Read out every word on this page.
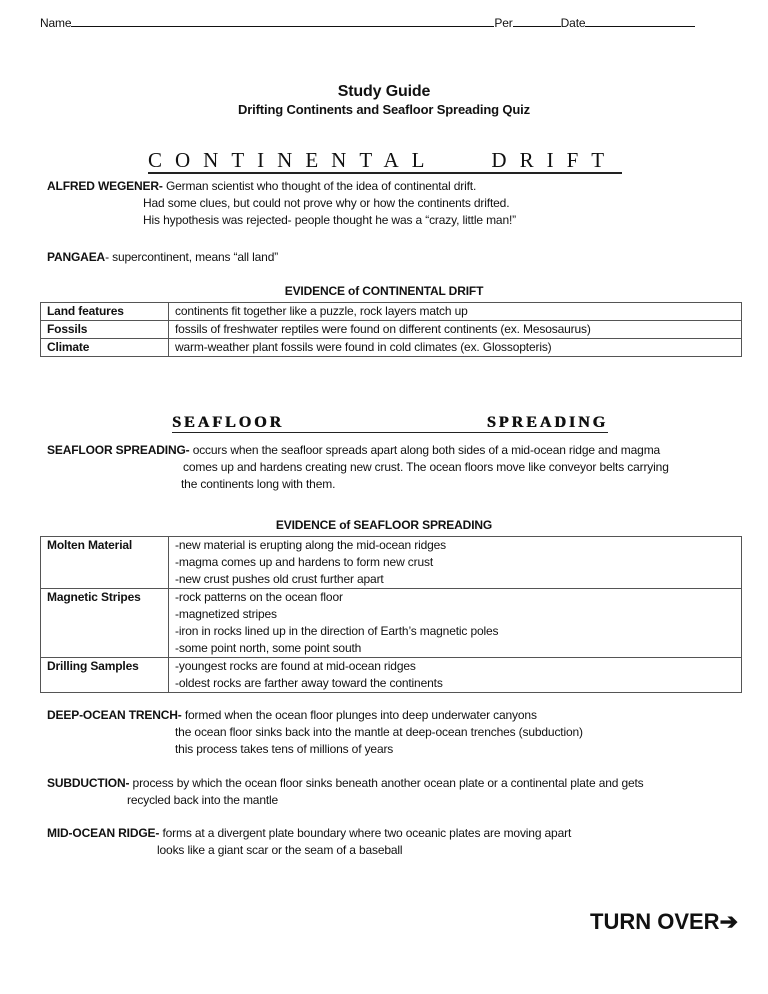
Name	Per	Date
Study Guide
Drifting Continents and Seafloor Spreading Quiz
CONTINENTAL   DRIFT
ALFRED WEGENER- German scientist who thought of the idea of continental drift.
Had some clues, but could not prove why or how the continents drifted.
His hypothesis was rejected- people thought he was a “crazy, little man!”
PANGAEA- supercontinent, means “all land”
EVIDENCE of CONTINENTAL DRIFT
Land features	continents fit together like a puzzle, rock layers match up
Fossils	fossils of freshwater reptiles were found on different continents (ex. Mesosaurus)
Climate	warm-weather plant fossils were found in cold climates (ex. Glossopteris)
SEAFLOOR	SPREADING
SEAFLOOR SPREADING- occurs when the seafloor spreads apart along both sides of a mid-ocean ridge and magma
comes up and hardens creating new crust. The ocean floors move like conveyor belts carrying
the continents long with them.
EVIDENCE of SEAFLOOR SPREADING
Molten Material	-new material is erupting along the mid-ocean ridges
-magma comes up and hardens to form new crust
-new crust pushes old crust further apart

Magnetic Stripes	-rock patterns on the ocean floor
-magnetized stripes
-iron in rocks lined up in the direction of Earth’s magnetic poles
-some point north, some point south

Drilling Samples	-youngest rocks are found at mid-ocean ridges
-oldest rocks are farther away toward the continents
DEEP-OCEAN TRENCH- formed when the ocean floor plunges into deep underwater canyons
the ocean floor sinks back into the mantle at deep-ocean trenches (subduction)
this process takes tens of millions of years
SUBDUCTION- process by which the ocean floor sinks beneath another ocean plate or a continental plate and gets
recycled back into the mantle
MID-OCEAN RIDGE- forms at a divergent plate boundary where two oceanic plates are moving apart
looks like a giant scar or the seam of a baseball
TURN OVER➔
